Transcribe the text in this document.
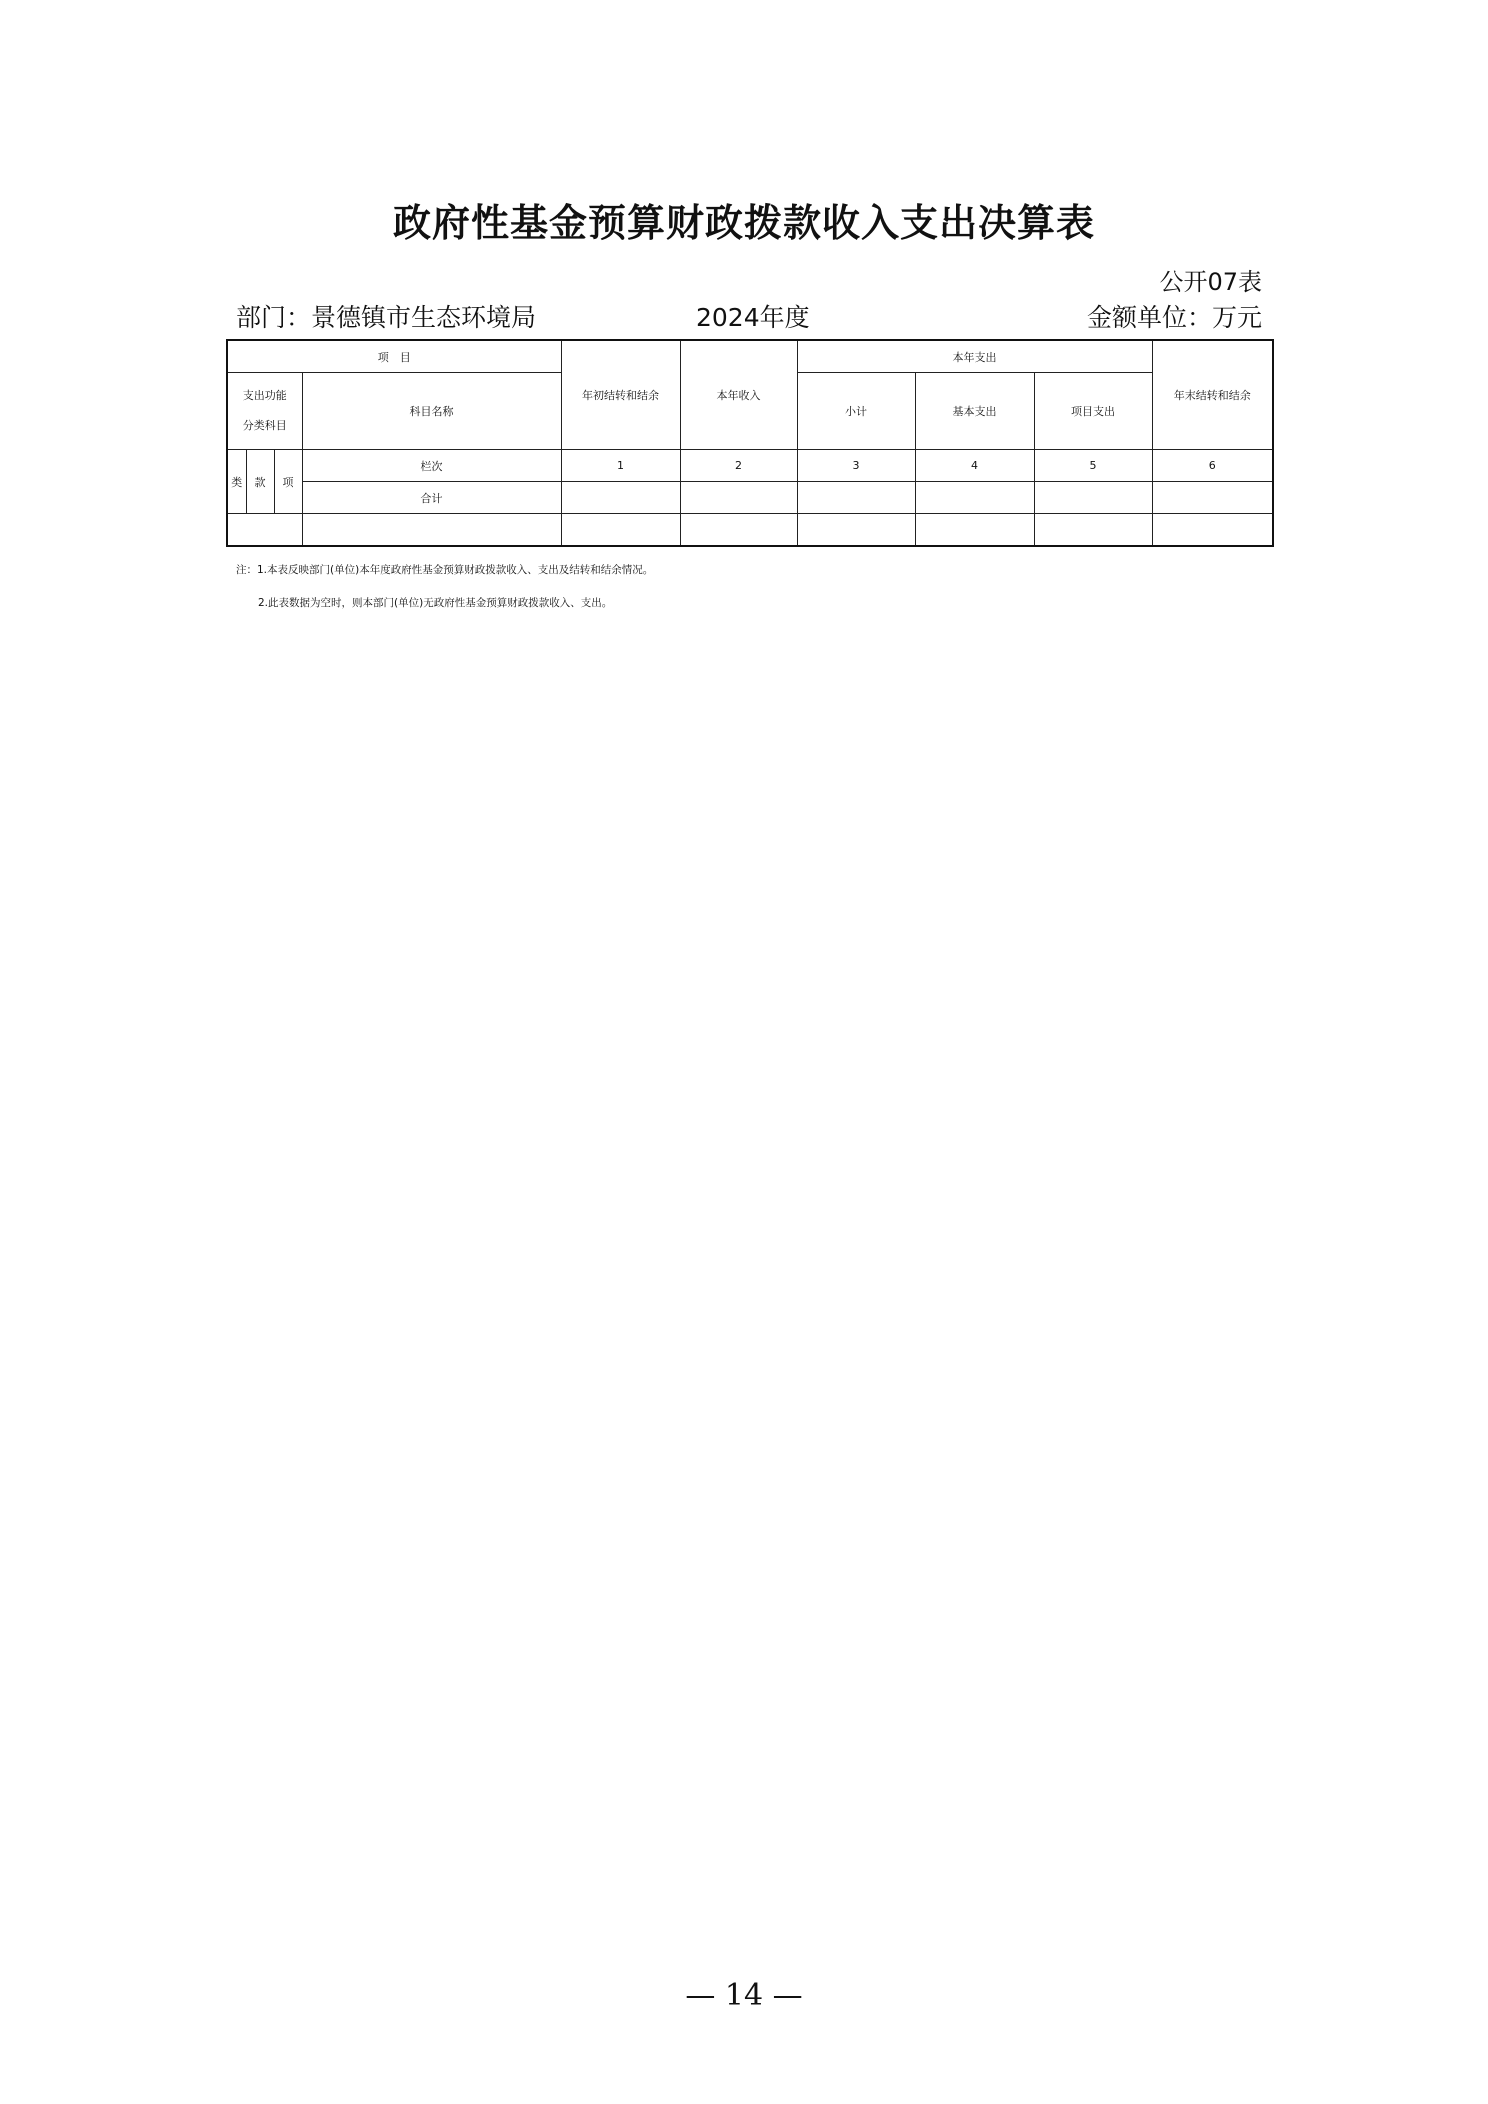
政府性基金预算财政拨款收入支出决算表
公开07表
部门：景德镇市生态环境局	2024年度	金额单位：万元
项　目				年初结转和结余	本年收入	本年支出			年末结转和结余

支出功能
分类科目			科目名称			小计	基本支出	项目支出	
类	款	项	栏次	1	2	3	4	5	6
			合计						

注：1.本表反映部门(单位)本年度政府性基金预算财政拨款收入、支出及结转和结余情况。
2.此表数据为空时，则本部门(单位)无政府性基金预算财政拨款收入、支出。
— 14 —
